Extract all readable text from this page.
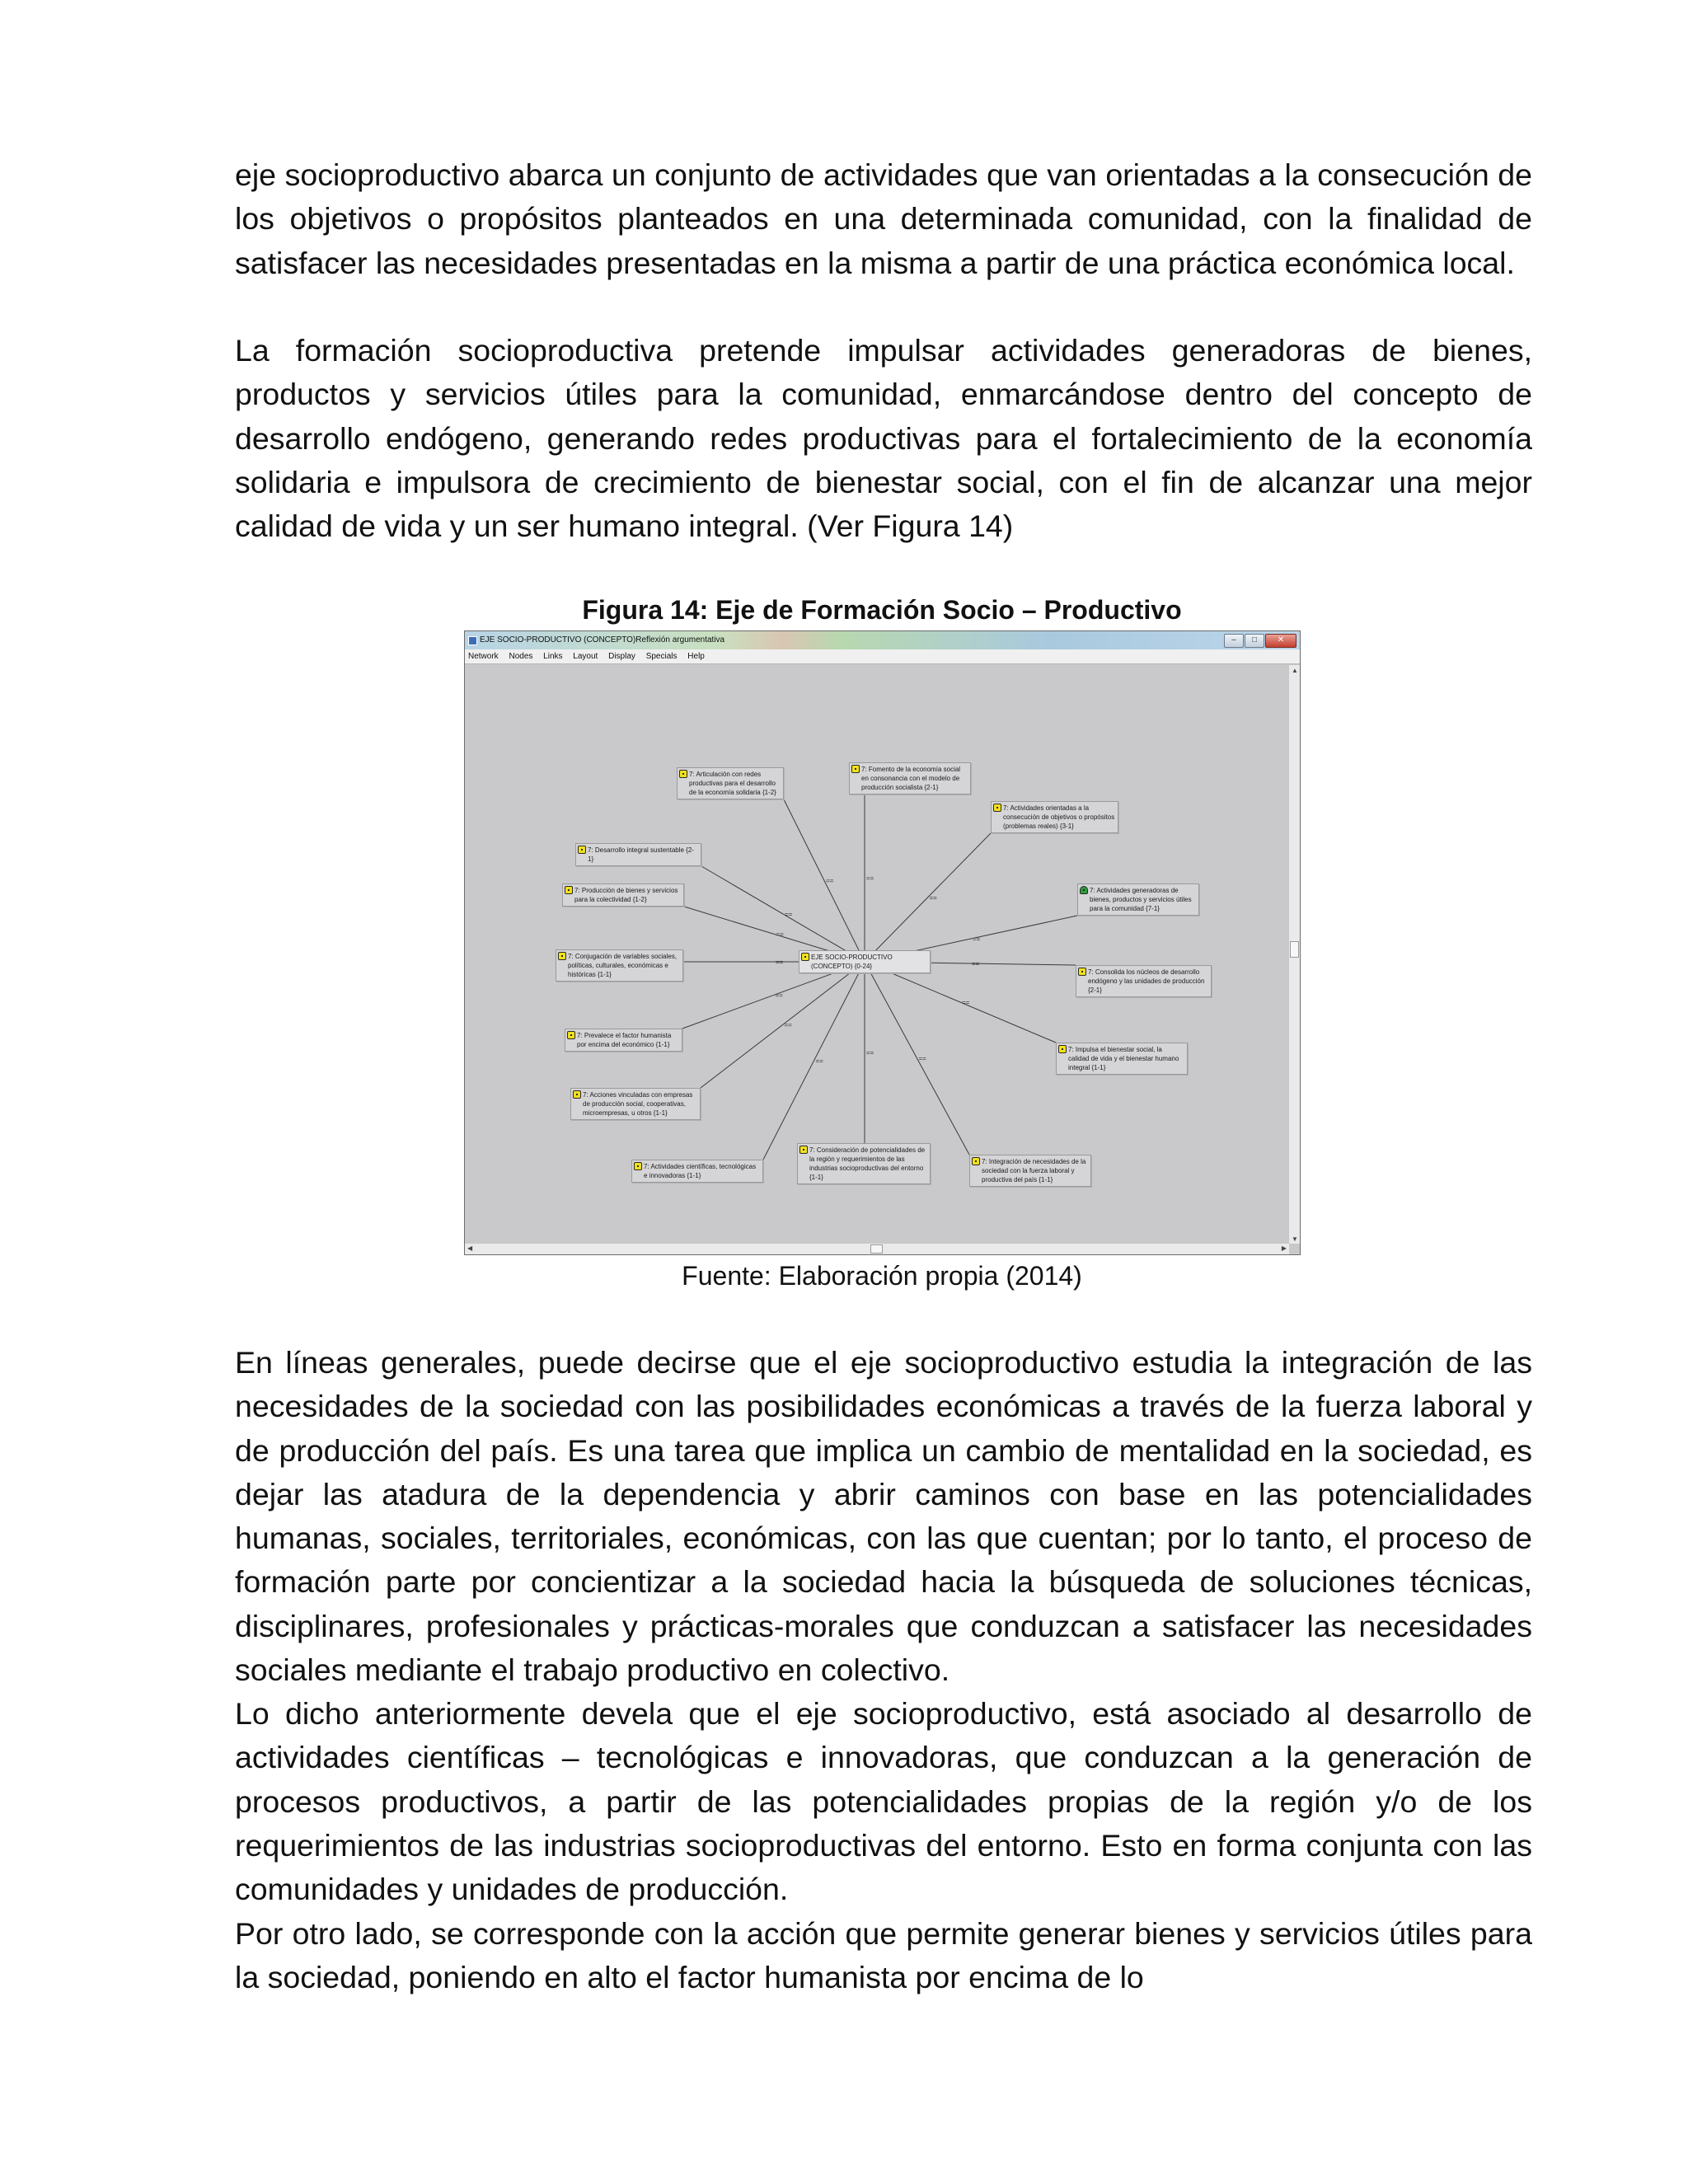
eje socioproductivo abarca un conjunto de actividades que van orientadas a la consecución de los objetivos o propósitos planteados en una determinada comunidad, con la finalidad de satisfacer las necesidades presentadas en la misma a partir de una práctica económica local.

La formación socioproductiva pretende impulsar actividades generadoras de bienes, productos y servicios útiles para la comunidad, enmarcándose dentro del concepto de desarrollo endógeno, generando redes productivas para el fortalecimiento de la economía solidaria e impulsora de crecimiento de bienestar social, con el fin de alcanzar una mejor calidad de vida y un ser humano integral. (Ver Figura 14)

Figura 14: Eje de Formación Socio – Productivo

EJE SOCIO-PRODUCTIVO (CONCEPTO)Reflexión argumentativa	–	□	✕
Network Nodes Links Layout Display Specials Help
==	==
==
==
==
==
==	==
==
==
==
==
==
==
EJE SOCIO-PRODUCTIVO (CONCEPTO) {0-24}
7: Articulación con redes productivas para el desarrollo de la economía solidaria {1-2}
7: Fomento de la economía social en consonancia con el modelo de producción socialista {2-1}
7: Actividades orientadas a la consecución de objetivos o propósitos (problemas reales) {3-1}
7: Desarrollo integral sustentable {2-1}
7: Actividades generadoras de bienes, productos y servicios útiles para la comunidad {7-1}
7: Producción de bienes y servicios para la colectividad {1-2}
7: Conjugación de variables sociales, políticas, culturales, económicas e históricas {1-1}	7: Consolida los núcleos de desarrollo endógeno y las unidades de producción {2-1}
7: Prevalece el factor humanista por encima del económico {1-1}
7: Impulsa el bienestar social, la calidad de vida y el bienestar humano integral {1-1}
7: Acciones vinculadas con empresas de producción social, cooperativas, microempresas, u otros {1-1}
7: Actividades científicas, tecnológicas e innovadoras {1-1}
7: Consideración de potencialidades de la región y requerimientos de las industrias socioproductivas del entorno {1-1}
7: Integración de necesidades de la sociedad con la fuerza laboral y productiva del país {1-1}
▲
▼
◀	▶

Fuente: Elaboración propia (2014)

En líneas generales, puede decirse que el eje socioproductivo estudia la integración de las necesidades de la sociedad con las posibilidades económicas a través de la fuerza laboral y de producción del país. Es una tarea que implica un cambio de mentalidad en la sociedad, es dejar las atadura de la dependencia y abrir caminos con base en las potencialidades humanas, sociales, territoriales, económicas, con las que cuentan; por lo tanto, el proceso de formación parte por concientizar a la sociedad hacia la búsqueda de soluciones técnicas, disciplinares, profesionales y prácticas-morales que conduzcan a satisfacer las necesidades sociales mediante el trabajo productivo en colectivo.

Lo dicho anteriormente devela que el eje socioproductivo, está asociado al desarrollo de actividades científicas – tecnológicas e innovadoras, que conduzcan a la generación de procesos productivos, a partir de las potencialidades propias de la región y/o de los requerimientos de las industrias socioproductivas del entorno. Esto en forma conjunta con las comunidades y unidades de producción.

Por otro lado, se corresponde con la acción que permite generar bienes y servicios útiles para la sociedad, poniendo en alto el factor humanista por encima de lo
